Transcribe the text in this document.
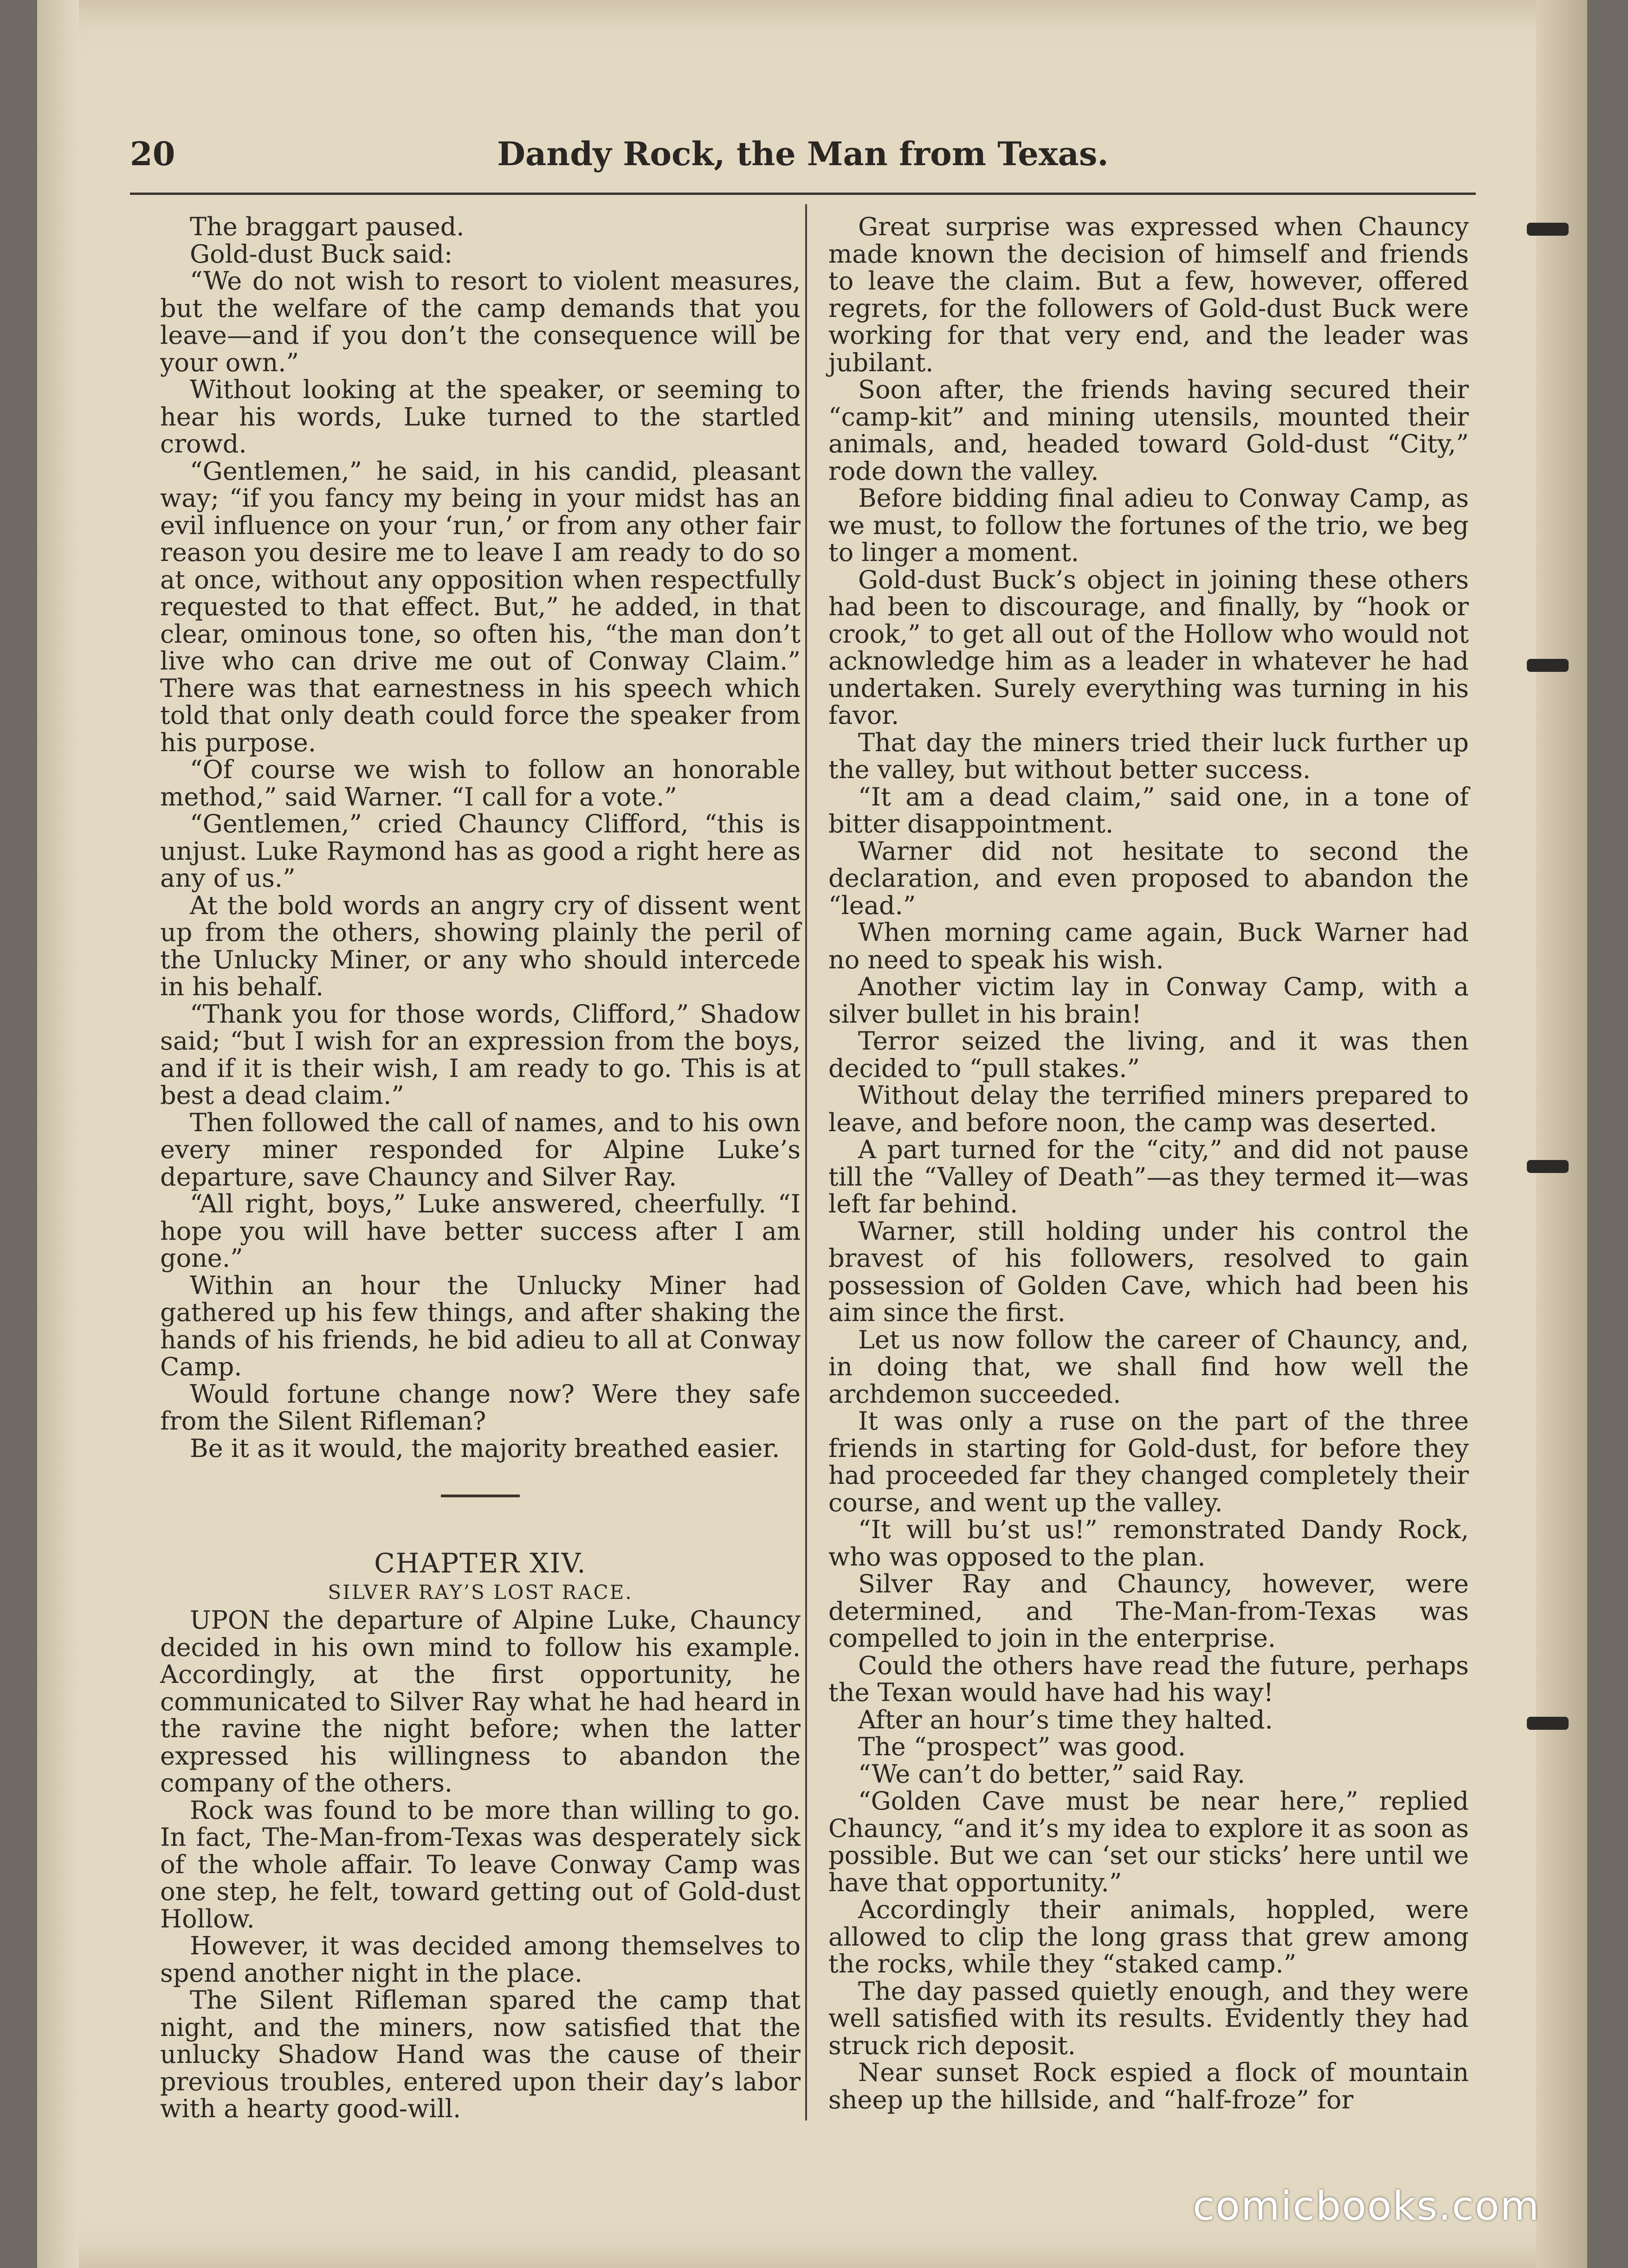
20	Dandy Rock, the Man from Texas.

The braggart paused.

Gold-dust Buck said:

“We do not wish to resort to violent measures, but the welfare of the camp demands that you leave—and if you don’t the consequence will be your own.”

Without looking at the speaker, or seeming to hear his words, Luke turned to the startled crowd.

“Gentlemen,” he said, in his candid, pleasant way; “if you fancy my being in your midst has an evil influence on your ‘run,’ or from any other fair reason you desire me to leave I am ready to do so at once, without any opposition when respectfully requested to that effect. But,” he added, in that clear, ominous tone, so often his, “the man don’t live who can drive me out of Conway Claim.” There was that earnestness in his speech which told that only death could force the speaker from his purpose.

“Of course we wish to follow an honorable method,” said Warner. “I call for a vote.”

“Gentlemen,” cried Chauncy Clifford, “this is unjust. Luke Raymond has as good a right here as any of us.”

At the bold words an angry cry of dissent went up from the others, showing plainly the peril of the Unlucky Miner, or any who should intercede in his behalf.

“Thank you for those words, Clifford,” Shadow said; “but I wish for an expression from the boys, and if it is their wish, I am ready to go. This is at best a dead claim.”

Then followed the call of names, and to his own every miner responded for Alpine Luke’s departure, save Chauncy and Silver Ray.

“All right, boys,” Luke answered, cheerfully. “I hope you will have better success after I am gone.”

Within an hour the Unlucky Miner had gathered up his few things, and after shaking the hands of his friends, he bid adieu to all at Conway Camp.

Would fortune change now? Were they safe from the Silent Rifleman?

Be it as it would, the majority breathed easier.

CHAPTER XIV.

SILVER RAY’S LOST RACE.

UPON the departure of Alpine Luke, Chauncy decided in his own mind to follow his example. Accordingly, at the first opportunity, he communicated to Silver Ray what he had heard in the ravine the night before; when the latter expressed his willingness to abandon the company of the others.

Rock was found to be more than willing to go. In fact, The-Man-from-Texas was desperately sick of the whole affair. To leave Conway Camp was one step, he felt, toward getting out of Gold-dust Hollow.

However, it was decided among themselves to spend another night in the place.

The Silent Rifleman spared the camp that night, and the miners, now satisfied that the unlucky Shadow Hand was the cause of their previous troubles, entered upon their day’s labor with a hearty good-will.

Great surprise was expressed when Chauncy made known the decision of himself and friends to leave the claim. But a few, however, offered regrets, for the followers of Gold-dust Buck were working for that very end, and the leader was jubilant.

Soon after, the friends having secured their “camp-kit” and mining utensils, mounted their animals, and, headed toward Gold-dust “City,” rode down the valley.

Before bidding final adieu to Conway Camp, as we must, to follow the fortunes of the trio, we beg to linger a moment.

Gold-dust Buck’s object in joining these others had been to discourage, and finally, by “hook or crook,” to get all out of the Hollow who would not acknowledge him as a leader in whatever he had undertaken. Surely everything was turning in his favor.

That day the miners tried their luck further up the valley, but without better success.

“It am a dead claim,” said one, in a tone of bitter disappointment.

Warner did not hesitate to second the declaration, and even proposed to abandon the “lead.”

When morning came again, Buck Warner had no need to speak his wish.

Another victim lay in Conway Camp, with a silver bullet in his brain!

Terror seized the living, and it was then decided to “pull stakes.”

Without delay the terrified miners prepared to leave, and before noon, the camp was deserted.

A part turned for the “city,” and did not pause till the “Valley of Death”—as they termed it—was left far behind.

Warner, still holding under his control the bravest of his followers, resolved to gain possession of Golden Cave, which had been his aim since the first.

Let us now follow the career of Chauncy, and, in doing that, we shall find how well the archdemon succeeded.

It was only a ruse on the part of the three friends in starting for Gold-dust, for before they had proceeded far they changed completely their course, and went up the valley.

“It will bu’st us!” remonstrated Dandy Rock, who was opposed to the plan.

Silver Ray and Chauncy, however, were determined, and The-Man-from-Texas was compelled to join in the enterprise.

Could the others have read the future, perhaps the Texan would have had his way!

After an hour’s time they halted.

The “prospect” was good.

“We can’t do better,” said Ray.

“Golden Cave must be near here,” replied Chauncy, “and it’s my idea to explore it as soon as possible. But we can ‘set our sticks’ here until we have that opportunity.”

Accordingly their animals, hoppled, were allowed to clip the long grass that grew among the rocks, while they “staked camp.”

The day passed quietly enough, and they were well satisfied with its results. Evidently they had struck rich deposit.

Near sunset Rock espied a flock of mountain sheep up the hillside, and “half-froze” for

comicbooks.com
